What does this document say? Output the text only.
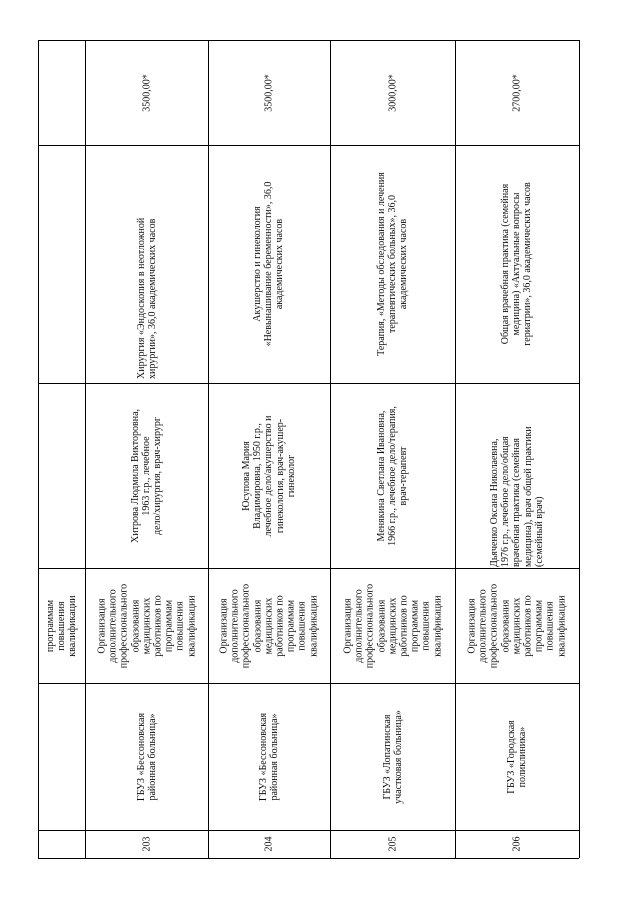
программам
повышения
квалификации
3500,00*
Хирургия «Эндоскопия в неотложной
хирургии», 36,0 академических часов
Хитрова Людмила Викторовна,
1963 г.р., лечебное
дело/хирургия, врач-хирург
Организация
дополнительного
профессионального
образования
медицинских
работников по
программам
повышения
квалификации
ГБУЗ «Бессоновская
районная больница»
203
3500,00*
Акушерство и гинекология
«Невынашивание беременности», 36,0
академических часов
Юсупова Мария
Владимировна, 1950 г.р.,
лечебное дело/акушерство и
гинекология, врач-акушер-
гинеколог
Организация
дополнительного
профессионального
образования
медицинских
работников по
программам
повышения
квалификации
ГБУЗ «Бессоновская
районная больница»
204
3000,00*
Терапия, «Методы обследования и лечения
терапевтических больных», 36,0
академических часов
Менякина Светлана Ивановна,
1966 г.р., лечебное дело/терапия,
врач-терапевт
Организация
дополнительного
профессионального
образования
медицинских
работников по
программам
повышения
квалификации
ГБУЗ «Лопатинская
участковая больница»
205
2700,00*
Общая врачебная практика (семейная
медицина) «Актуальные вопросы
гериатрии», 36,0 академических часов
Дьяченко Оксана Николаевна,
1976 г.р., лечебное дело/общая
врачебная практика (семейная
медицина), врач общей практики
(семейный врач)
Организация
дополнительного
профессионального
образования
медицинских
работников по
программам
повышения
квалификации
ГБУЗ «Городская
поликлиника»
206
